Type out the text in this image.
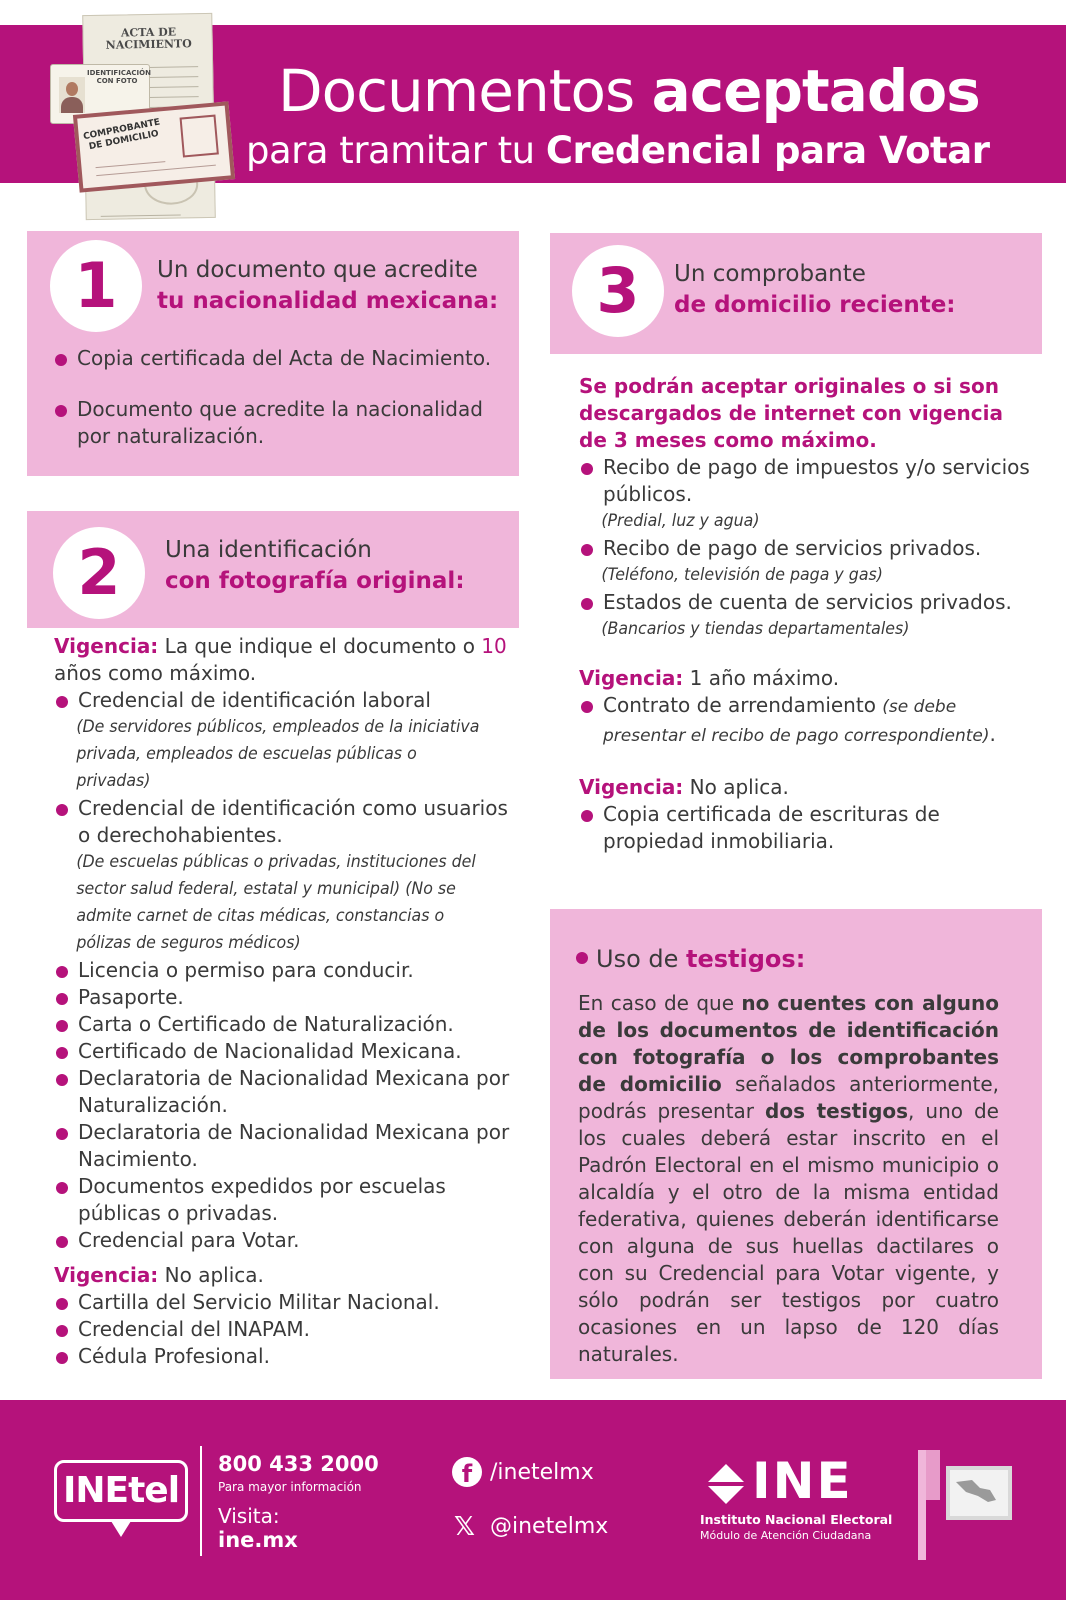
Documentos aceptados
para tramitar tu Credencial para Votar
ACTA DE NACIMIENTO
IDENTIFICACIÓN CON FOTO
COMPROBANTE DE DOMICILIO
1	Un documento que acredite
tu nacionalidad mexicana:
Copia certificada del Acta de Nacimiento.
Documento que acredite la nacionalidad por naturalización.
2	Una identificación
con fotografía original:
Vigencia: La que indique el documento o 10 años como máximo.
Credencial de identificación laboral
(De servidores públicos, empleados de la iniciativa privada, empleados de escuelas públicas o privadas)
Credencial de identificación como usuarios o derechohabientes.
(De escuelas públicas o privadas, instituciones del sector salud federal, estatal y municipal) (No se admite carnet de citas médicas, constancias o pólizas de seguros médicos)
Licencia o permiso para conducir.
Pasaporte.
Carta o Certificado de Naturalización.
Certificado de Nacionalidad Mexicana.
Declaratoria de Nacionalidad Mexicana por Naturalización.
Declaratoria de Nacionalidad Mexicana por Nacimiento.
Documentos expedidos por escuelas públicas o privadas.
Credencial para Votar.
Vigencia: No aplica.
Cartilla del Servicio Militar Nacional.
Credencial del INAPAM.
Cédula Profesional.
3	Un comprobante
de domicilio reciente:
Se podrán aceptar originales o si son descargados de internet con vigencia de 3 meses como máximo.
Recibo de pago de impuestos y/o servicios públicos.
(Predial, luz y agua)
Recibo de pago de servicios privados.
(Teléfono, televisión de paga y gas)
Estados de cuenta de servicios privados.
(Bancarios y tiendas departamentales)
Vigencia: 1 año máximo.
Contrato de arrendamiento (se debe presentar el recibo de pago correspondiente).
Vigencia: No aplica.
Copia certificada de escrituras de propiedad inmobiliaria.
Uso de testigos:
En caso de que no cuentes con alguno de los documentos de identificación con fotografía o los comprobantes de domicilio señalados anteriormente, podrás presentar dos testigos, uno de los cuales deberá estar inscrito en el Padrón Electoral en el mismo municipio o alcaldía y el otro de la misma entidad federativa, quienes deberán identificarse con alguna de sus huellas dactilares o con su Credencial para Votar vigente, y sólo podrán ser testigos por cuatro ocasiones en un lapso de 120 días naturales.
INEtel
800 433 2000
Para mayor información
Visita:
ine.mx
f /inetelmx
𝕏 @inetelmx
INE
Instituto Nacional Electoral
Módulo de Atención Ciudadana
